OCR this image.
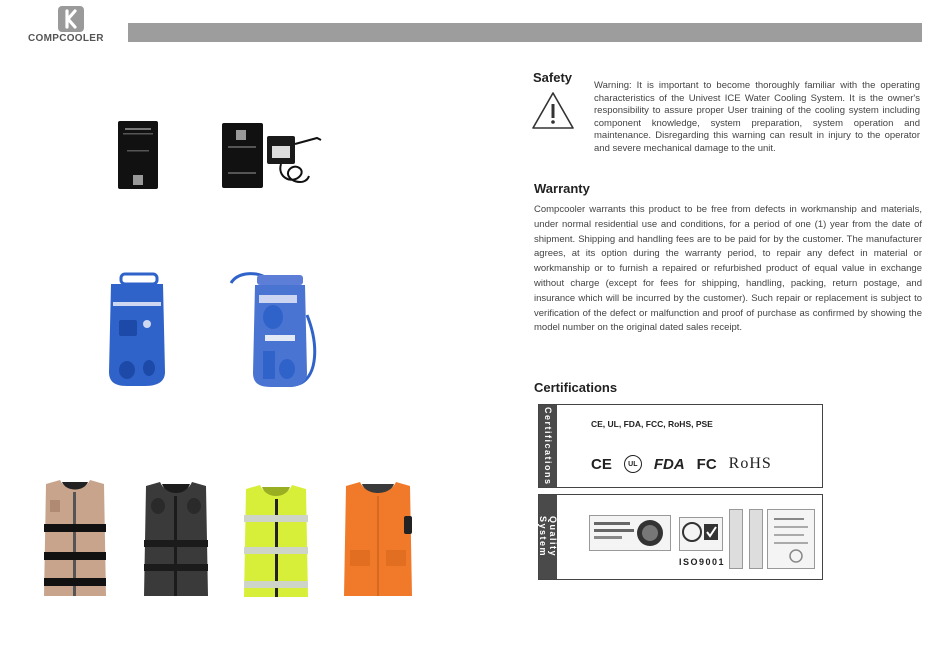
COMPCOOLER
Safety
Warning: It is important to become thoroughly familiar with the operating characteristics of the Univest ICE Water Cooling System. It is the owner's responsibility to assure proper User training of the cooling system including component knowledge, system preparation, system operation and maintenance. Disregarding this warning can result in injury to the operator and severe mechanical damage to the unit.
Warranty
Compcooler warrants this product to be free from defects in workmanship and materials, under normal residential use and conditions, for a period of one (1) year from the date of shipment. Shipping and handling fees are to be paid for by the customer. The manufacturer agrees, at its option during the warranty period, to repair any defect in material or workmanship or to furnish a repaired or refurbished product of equal value in exchange without charge (except for fees for shipping, handling, packing, return postage, and insurance which will be incurred by the customer). Such repair or replacement is subject to verification of the defect or malfunction and proof of purchase as confirmed by showing the model number on the original dated sales receipt.
Certifications
Certifications	CE, UL, FDA, FCC, RoHS, PSE
CE	UL FDA FC RoHS
Quality System
ISO9001
